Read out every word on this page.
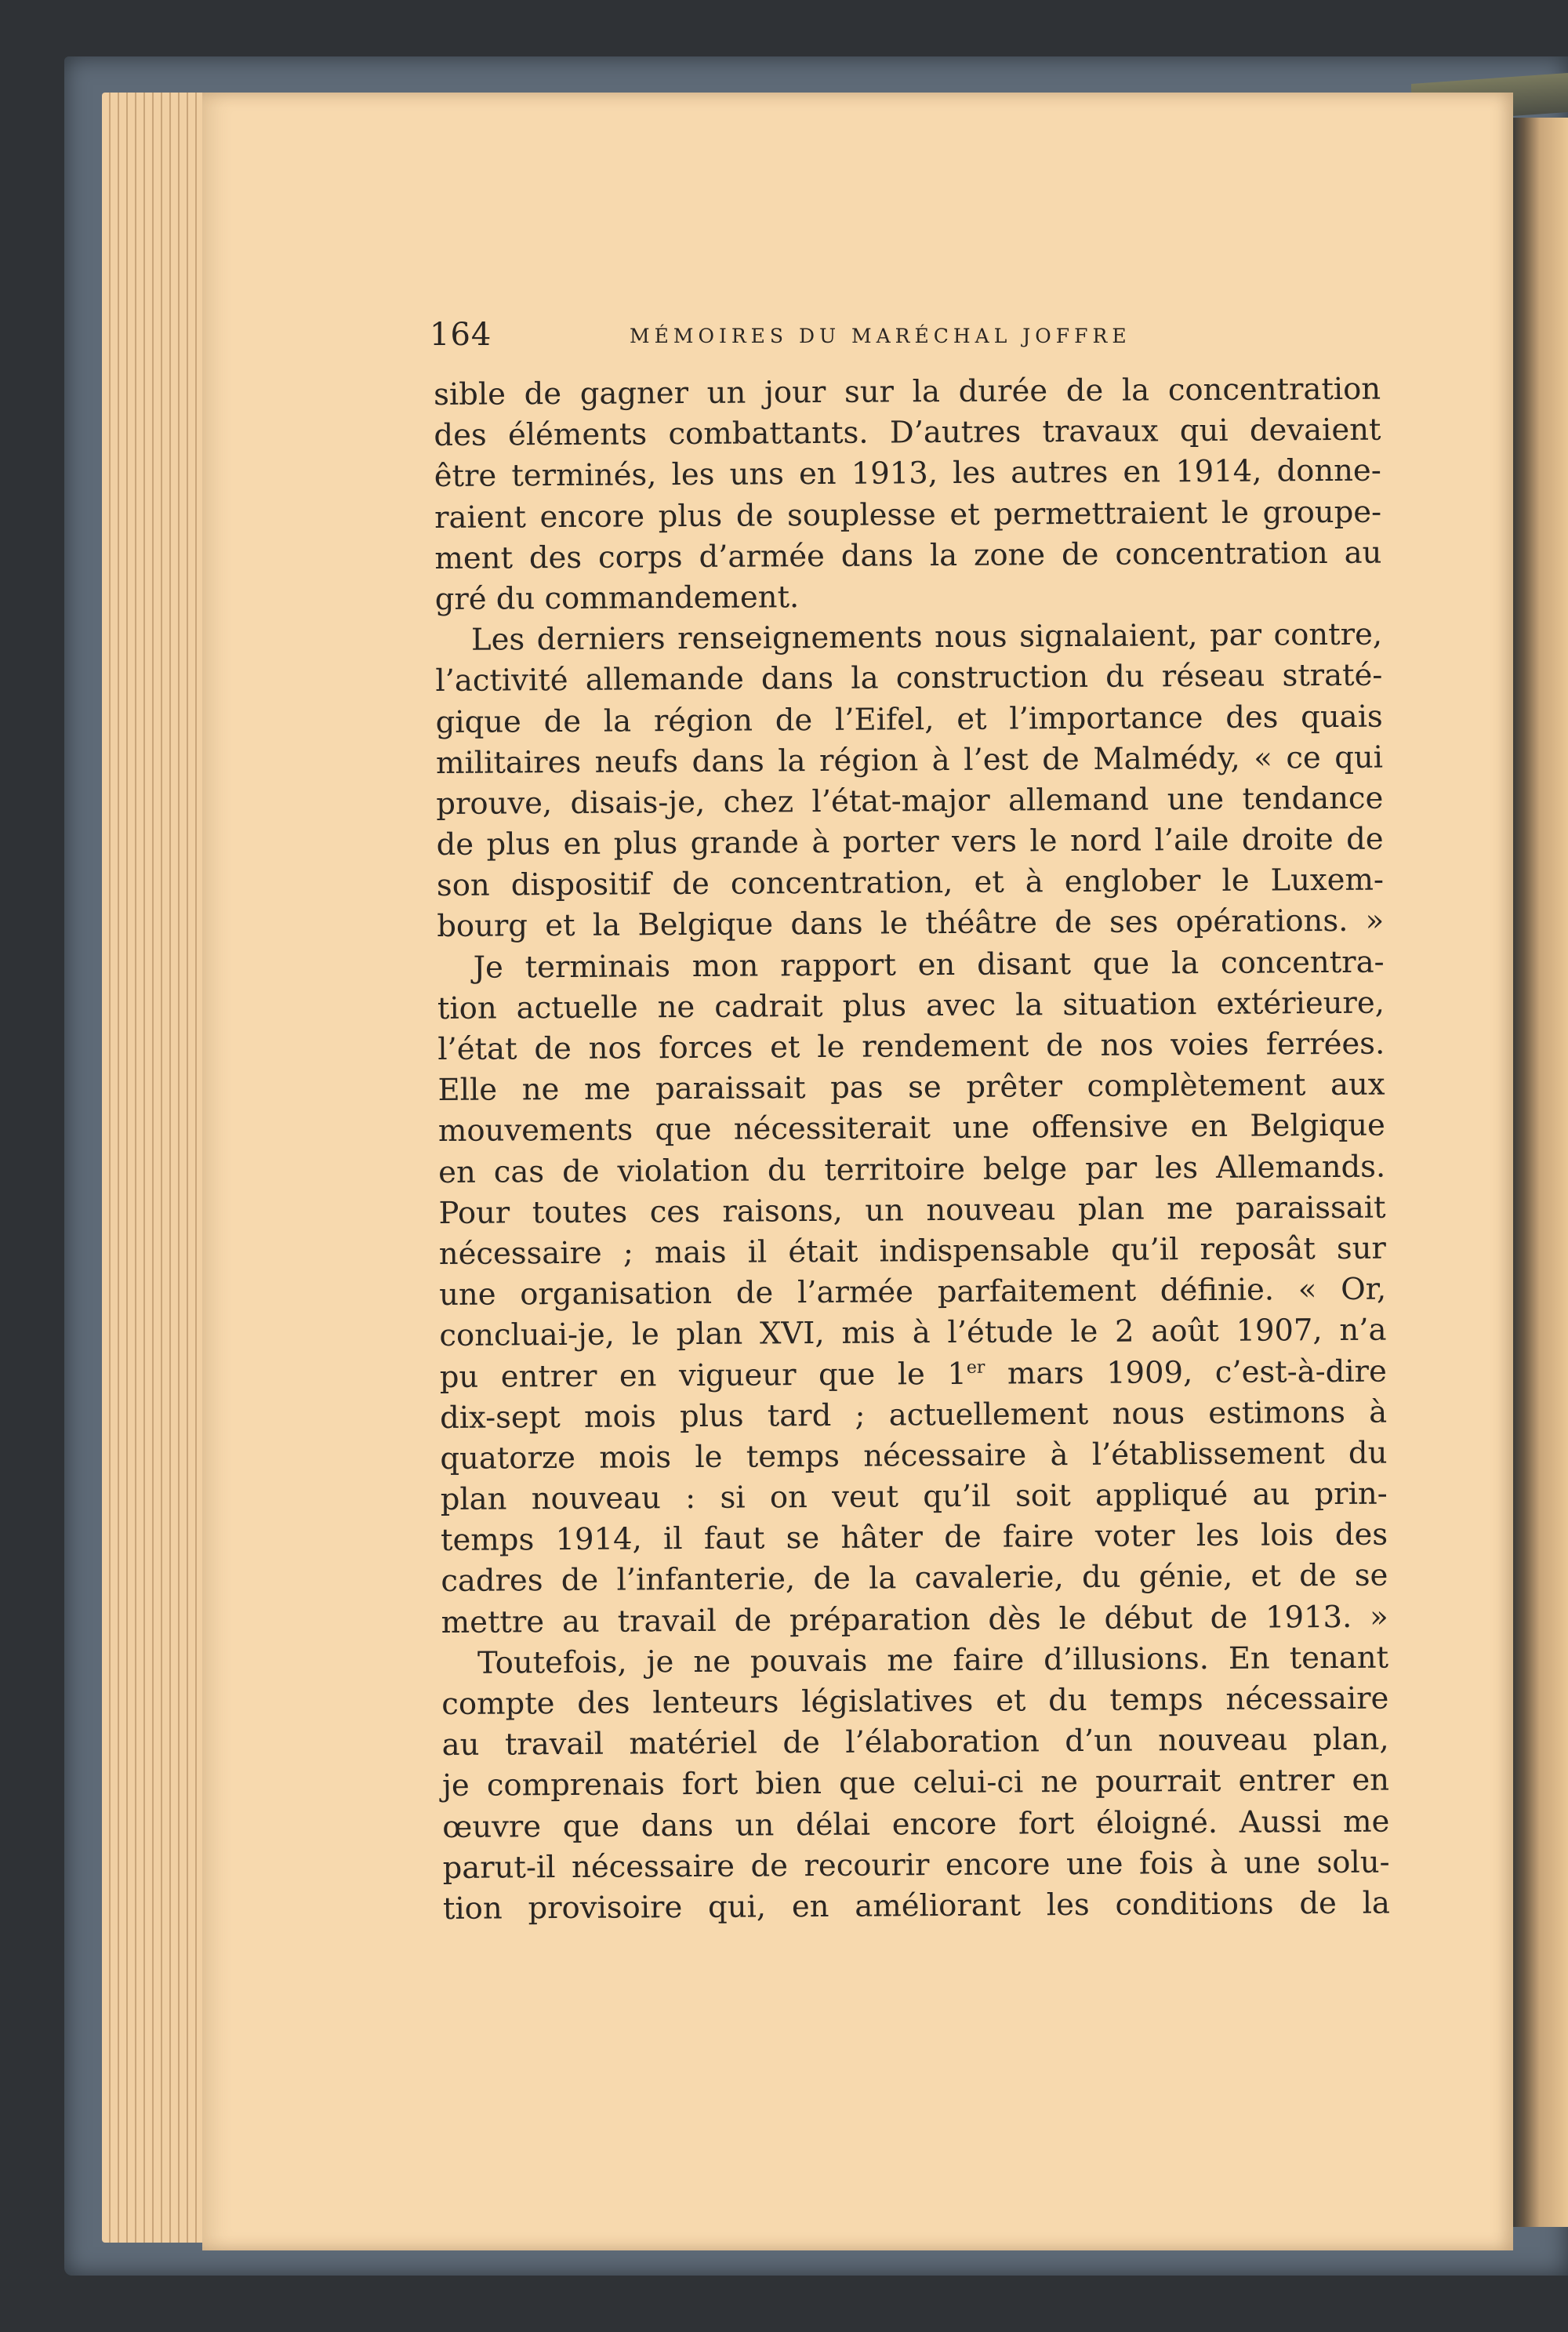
164	MÉMOIRES DU MARÉCHAL JOFFRE
sible de gagner un jour sur la durée de la concentration
des éléments combattants. D’autres travaux qui devaient
être terminés, les uns en 1913, les autres en 1914, donne-
raient encore plus de souplesse et permettraient le groupe-
ment des corps d’armée dans la zone de concentration au
gré du commandement.
Les derniers renseignements nous signalaient, par contre,
l’activité allemande dans la construction du réseau straté-
gique de la région de l’Eifel, et l’importance des quais
militaires neufs dans la région à l’est de Malmédy, « ce qui
prouve, disais-je, chez l’état-major allemand une tendance
de plus en plus grande à porter vers le nord l’aile droite de
son dispositif de concentration, et à englober le Luxem-
bourg et la Belgique dans le théâtre de ses opérations. »
Je terminais mon rapport en disant que la concentra-
tion actuelle ne cadrait plus avec la situation extérieure,
l’état de nos forces et le rendement de nos voies ferrées.
Elle ne me paraissait pas se prêter complètement aux
mouvements que nécessiterait une offensive en Belgique
en cas de violation du territoire belge par les Allemands.
Pour toutes ces raisons, un nouveau plan me paraissait
nécessaire ; mais il était indispensable qu’il reposât sur
une organisation de l’armée parfaitement définie. « Or,
concluai-je, le plan XVI, mis à l’étude le 2 août 1907, n’a
pu entrer en vigueur que le 1er mars 1909, c’est-à-dire
dix-sept mois plus tard ; actuellement nous estimons à
quatorze mois le temps nécessaire à l’établissement du
plan nouveau : si on veut qu’il soit appliqué au prin-
temps 1914, il faut se hâter de faire voter les lois des
cadres de l’infanterie, de la cavalerie, du génie, et de se
mettre au travail de préparation dès le début de 1913. »
Toutefois, je ne pouvais me faire d’illusions. En tenant
compte des lenteurs législatives et du temps nécessaire
au travail matériel de l’élaboration d’un nouveau plan,
je comprenais fort bien que celui-ci ne pourrait entrer en
œuvre que dans un délai encore fort éloigné. Aussi me
parut-il nécessaire de recourir encore une fois à une solu-
tion provisoire qui, en améliorant les conditions de la
